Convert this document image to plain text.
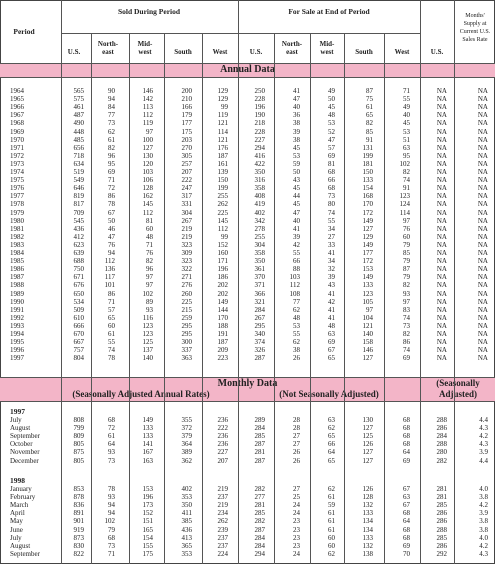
Period
Sold During Period	For Sale at End of Period	Months'
Supply at
Current U.S.
Sales Rate
U.S.
North-
east
Mid-
west	South	West	U.S.
North-
east
Mid-
west	South	West	U.S.
Annual Data
Monthly Data
(Seasonally Adjusted Annual Rates)	(Not Seasonally Adjusted)
(Seasonally
Adjusted)
1997
1998
1964	565	90	146	200	129	250	41	49	87	71	NA	NA
1965	575	94	142	210	129	228	47	50	75	55	NA	NA
1966	461	84	113	166	99	196	40	45	61	49	NA	NA
1967	487	77	112	179	119	190	36	48	65	40	NA	NA
1968	490	73	119	177	121	218	38	53	82	45	NA	NA
1969	448	62	97	175	114	228	39	52	85	53	NA	NA
1970	485	61	100	203	121	227	38	47	91	51	NA	NA
1971	656	82	127	270	176	294	45	57	131	63	NA	NA
1972	718	96	130	305	187	416	53	69	199	95	NA	NA
1973	634	95	120	257	161	422	59	81	181	102	NA	NA
1974	519	69	103	207	139	350	50	68	150	82	NA	NA
1975	549	71	106	222	150	316	43	66	133	74	NA	NA
1976	646	72	128	247	199	358	45	68	154	91	NA	NA
1977	819	86	162	317	255	408	44	73	168	123	NA	NA
1978	817	78	145	331	262	419	45	80	170	124	NA	NA
1979	709	67	112	304	225	402	47	74	172	114	NA	NA
1980	545	50	81	267	145	342	40	55	149	97	NA	NA
1981	436	46	60	219	112	278	41	34	127	76	NA	NA
1982	412	47	48	219	99	255	39	27	129	60	NA	NA
1983	623	76	71	323	152	304	42	33	149	79	NA	NA
1984	639	94	76	309	160	358	55	41	177	85	NA	NA
1985	688	112	82	323	171	350	66	34	172	79	NA	NA
1986	750	136	96	322	196	361	88	32	153	87	NA	NA
1987	671	117	97	271	186	370	103	39	149	79	NA	NA
1988	676	101	97	276	202	371	112	43	133	82	NA	NA
1989	650	86	102	260	202	366	108	41	123	93	NA	NA
1990	534	71	89	225	149	321	77	42	105	97	NA	NA
1991	509	57	93	215	144	284	62	41	97	83	NA	NA
1992	610	65	116	259	170	267	48	41	104	74	NA	NA
1993	666	60	123	295	188	295	53	48	121	73	NA	NA
1994	670	61	123	295	191	340	55	63	140	82	NA	NA
1995	667	55	125	300	187	374	62	69	158	86	NA	NA
1996	757	74	137	337	209	326	38	67	146	74	NA	NA
1997	804	78	140	363	223	287	26	65	127	69	NA	NA
July	808	68	149	355	236	289	28	63	130	68	288	4.4
August	799	72	133	372	222	284	28	62	127	68	286	4.3
September	809	61	133	379	236	285	27	65	125	68	284	4.2
October	805	64	141	364	236	287	27	66	126	68	288	4.3
November	875	93	167	389	227	281	26	64	127	64	280	3.9
December	805	73	163	362	207	287	26	65	127	69	282	4.4
January	853	78	153	402	219	282	27	62	126	67	281	4.0
February	878	93	196	353	237	277	25	61	128	63	281	3.8
March	836	94	173	350	219	281	24	59	132	67	285	4.2
April	891	94	152	411	234	285	24	61	133	68	286	3.9
May	901	102	151	385	262	282	23	61	134	64	286	3.8
June	919	79	165	436	239	287	23	61	134	68	288	3.8
July	873	68	154	413	237	284	23	60	133	68	285	4.0
August	830	73	155	365	237	284	23	60	132	69	286	4.2
September	822	71	175	353	224	294	24	62	138	70	292	4.3
